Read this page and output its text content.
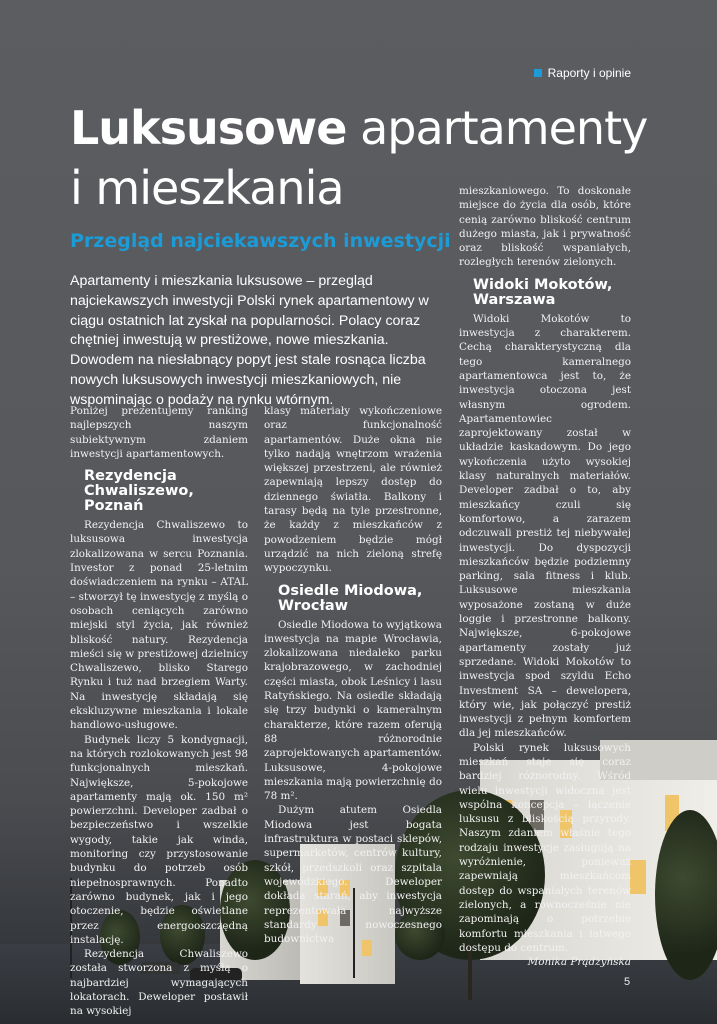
Raporty i opinie
Luksusowe apartamenty
i mieszkania
Przegląd najciekawszych inwestycji
Apartamenty i mieszkania luksusowe – przegląd najciekawszych inwestycji Polski rynek apartamentowy w ciągu ostatnich lat zyskał na popularności. Polacy coraz chętniej inwestują w prestiżowe, nowe mieszkania. Dowodem na niesłabnący popyt jest stale rosnąca liczba nowych luksusowych inwestycji mieszkaniowych, nie wspominając o podaży na rynku wtórnym.

Poniżej prezentujemy ranking najlepszych naszym subiektywnym zdaniem inwestycji apartamentowych.

Rezydencja Chwaliszewo, Poznań

Rezydencja Chwaliszewo to luksusowa inwestycja zlokalizowana w sercu Poznania. Investor z ponad 25-letnim doświadczeniem na rynku – ATAL – stworzył tę inwestycję z myślą o osobach ceniących zarówno miejski styl życia, jak również bliskość natury. Rezydencja mieści się w prestiżowej dzielnicy Chwaliszewo, blisko Starego Rynku i tuż nad brzegiem Warty. Na inwestycję składają się ekskluzywne mieszkania i lokale handlowo-usługowe.

Budynek liczy 5 kondygnacji, na których rozlokowanych jest 98 funkcjonalnych mieszkań. Największe, 5-pokojowe apartamenty mają ok. 150 m² powierzchni. Developer zadbał o bezpieczeństwo i wszelkie wygody, takie jak winda, monitoring czy przystosowanie budynku do potrzeb osób niepełnosprawnych. Ponadto zarówno budynek, jak i jego otoczenie, będzie oświetlane przez energooszczędną instalację.

Rezydencja Chwaliszewo została stworzona z myślą o najbardziej wymagających lokatorach. Deweloper postawił na wysokiej

klasy materiały wykończeniowe oraz funkcjonalność apartamentów. Duże okna nie tylko nadają wnętrzom wrażenia większej przestrzeni, ale również zapewniają lepszy dostęp do dziennego światła. Balkony i tarasy będą na tyle przestronne, że każdy z mieszkańców z powodzeniem będzie mógł urządzić na nich zieloną strefę wypoczynku.

Osiedle Miodowa, Wrocław

Osiedle Miodowa to wyjątkowa inwestycja na mapie Wrocławia, zlokalizowana niedaleko parku krajobrazowego, w zachodniej części miasta, obok Leśnicy i lasu Ratyńskiego. Na osiedle składają się trzy budynki o kameralnym charakterze, które razem oferują 88 różnorodnie zaprojektowanych apartamentów. Luksusowe, 4-pokojowe mieszkania mają powierzchnię do 78 m².

Dużym atutem Osiedla Miodowa jest bogata infrastruktura w postaci sklepów, supermarketów, centrów kultury, szkół, przedszkoli oraz szpitala wojewódzkiego. Deweloper dokłada starań, aby inwestycja reprezentowała najwyższe standardy nowoczesnego budownictwa

mieszkaniowego. To doskonałe miejsce do życia dla osób, które cenią zarówno bliskość centrum dużego miasta, jak i prywatność oraz bliskość wspaniałych, rozległych terenów zielonych.

Widoki Mokotów, Warszawa

Widoki Mokotów to inwestycja z charakterem. Cechą charakterystyczną dla tego kameralnego apartamentowca jest to, że inwestycja otoczona jest własnym ogrodem. Apartamentowiec zaprojektowany został w układzie kaskadowym. Do jego wykończenia użyto wysokiej klasy naturalnych materiałów. Developer zadbał o to, aby mieszkańcy czuli się komfortowo, a zarazem odczuwali prestiż tej niebywałej inwestycji. Do dyspozycji mieszkańców będzie podziemny parking, sala fitness i klub. Luksusowe mieszkania wyposażone zostaną w duże loggie i przestronne balkony. Największe, 6-pokojowe apartamenty zostały już sprzedane. Widoki Mokotów to inwestycja spod szyldu Echo Investment SA – dewelopera, który wie, jak połączyć prestiż inwestycji z pełnym komfortem dla jej mieszkańców.

Polski rynek luksusowych mieszkań staje się coraz bardziej różnorodny. Wśród wielu inwestycji widoczna jest wspólna koncepcja – łączenie luksusu z bliskością przyrody. Naszym zdaniem właśnie tego rodzaju inwestycje zasługują na wyróżnienie, ponieważ zapewniają mieszkańcom dostęp do wspaniałych terenów zielonych, a równocześnie nie zapominają o potrzebie komfortu mieszkania i łatwego dostępu do centrum.

Monika Prądzyńska

5
